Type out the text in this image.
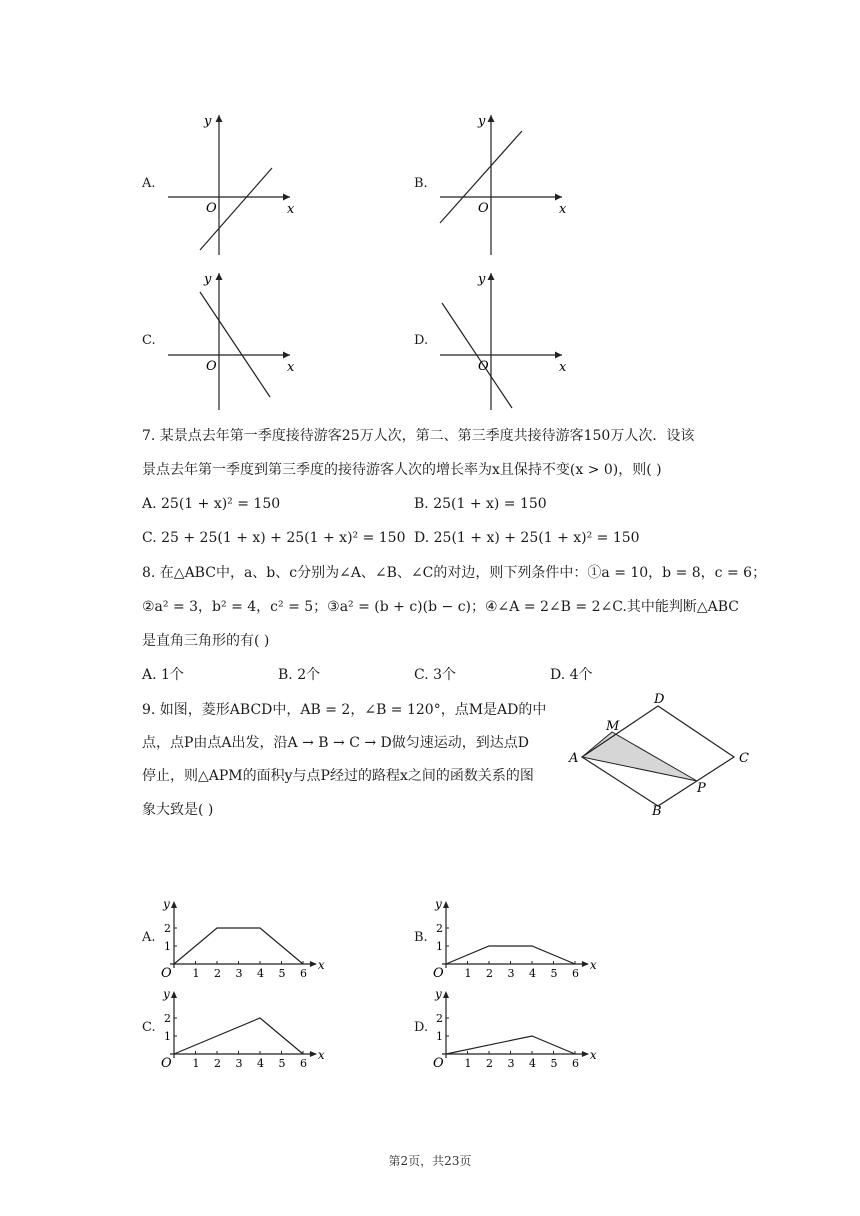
A.	B.
C.	D.
y
x
O
y
x
O
y
x
O
y
x
O
7. 某景点去年第一季度接待游客25万人次，第二、第三季度共接待游客150万人次．设该
景点去年第一季度到第三季度的接待游客人次的增长率为x且保持不变(x > 0)，则( )
A. 25(1 + x)² = 150	B. 25(1 + x) = 150
C. 25 + 25(1 + x) + 25(1 + x)² = 150 D. 25(1 + x) + 25(1 + x)² = 150
8. 在△ABC中，a、b、c分别为∠A、∠B、∠C的对边，则下列条件中：①a = 10，b = 8，c = 6；
②a² = 3，b² = 4，c² = 5；③a² = (b + c)(b − c)；④∠A = 2∠B = 2∠C.其中能判断△ABC
是直角三角形的有( )
A. 1个	B. 2个	C. 3个	D. 4个
9. 如图，菱形ABCD中，AB = 2，∠B = 120°，点M是AD的中
点，点P由点A出发，沿A → B → C → D做匀速运动，到达点D
停止，则△APM的面积y与点P经过的路程x之间的函数关系的图
象大致是( )
A
B
C
D
M
P
A.	B.
C.	D.
1 2 3 4 5 6
1
2
y
x
O	1 2 3 4 5 6
1
2
y
x
O
1 2 3 4 5 6
1
2
y
x
O	1 2 3 4 5 6
1
2
y
x
O
第2页，共23页
